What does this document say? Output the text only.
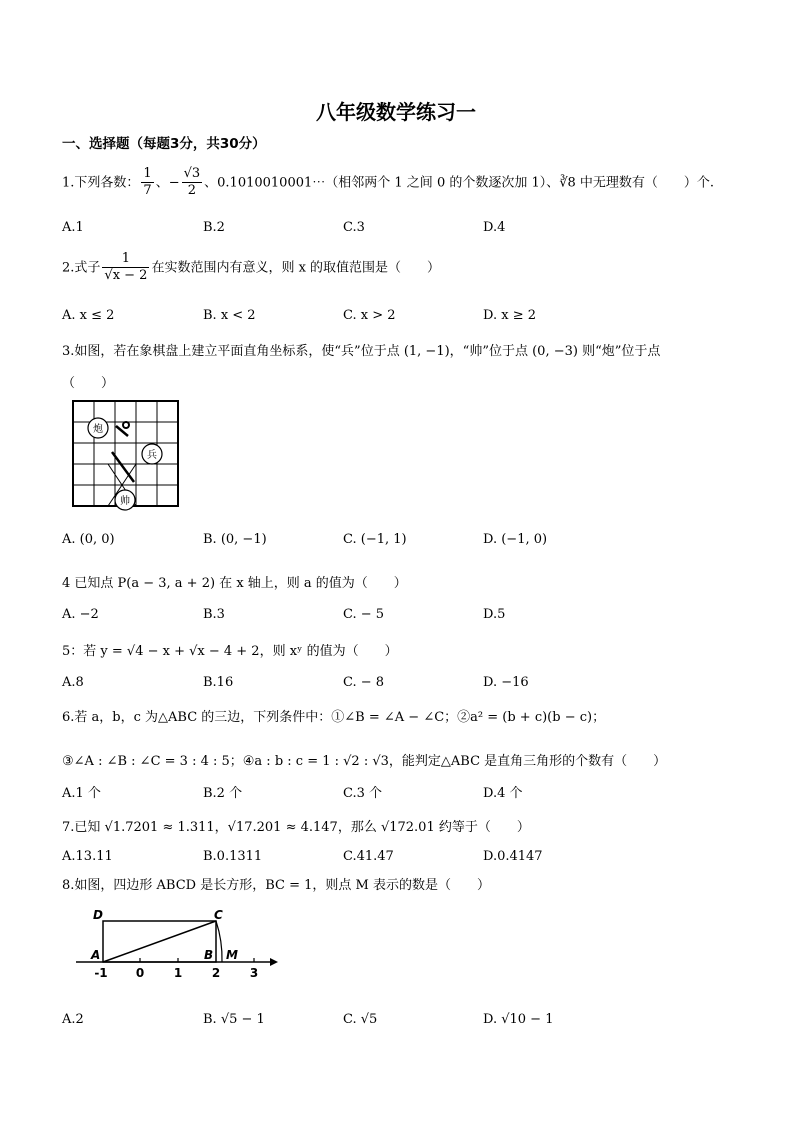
八年级数学练习一
一、选择题（每题3分，共30分）
1.下列各数： $\frac{1}{7}$ 、− $\frac{√3}{2}$ 、0.1010010001⋯（相邻两个 1 之间 0 的个数逐次加 1）、∛8 中无理数有（　　）个.
A.1	B.2	C.3	D.4
2.式子 $\frac{1}{√x - 2}$ 在实数范围内有意义，则 x 的取值范围是（　　）
A. x ≤ 2	B. x < 2	C. x > 2	D. x ≥ 2
3.如图，若在象棋盘上建立平面直角坐标系，使“兵”位于点 (1, −1)，“帅”位于点 (0, −3) 则“炮”位于点
（　　）
炮
兵
帅
A. (0, 0)	B. (0, −1)	C. (−1, 1)	D. (−1, 0)
4 已知点 P(a − 3, a + 2) 在 x 轴上，则 a 的值为（　　）
A. −2	B.3	C. − 5	D.5
5：若 y = √4 − x + √x − 4 + 2，则 xʸ 的值为（　　）
A.8	B.16	C. − 8	D. −16
6.若 a，b，c 为△ABC 的三边，下列条件中：①∠B = ∠A − ∠C；②a² = (b + c)(b − c)；
③∠A : ∠B : ∠C = 3 : 4 : 5；④a : b : c = 1 : √2 : √3，能判定△ABC 是直角三角形的个数有（　　）
A.1 个	B.2 个	C.3 个	D.4 个
7.已知 √1.7201 ≈ 1.311，√17.201 ≈ 4.147，那么 √172.01 约等于（　　）
A.13.11	B.0.1311	C.41.47	D.0.4147
8.如图，四边形 ABCD 是长方形，BC = 1，则点 M 表示的数是（　　）
D	C
A	B M
-1 0 1 2 3
A.2	B. √5 − 1	C. √5	D. √10 − 1
